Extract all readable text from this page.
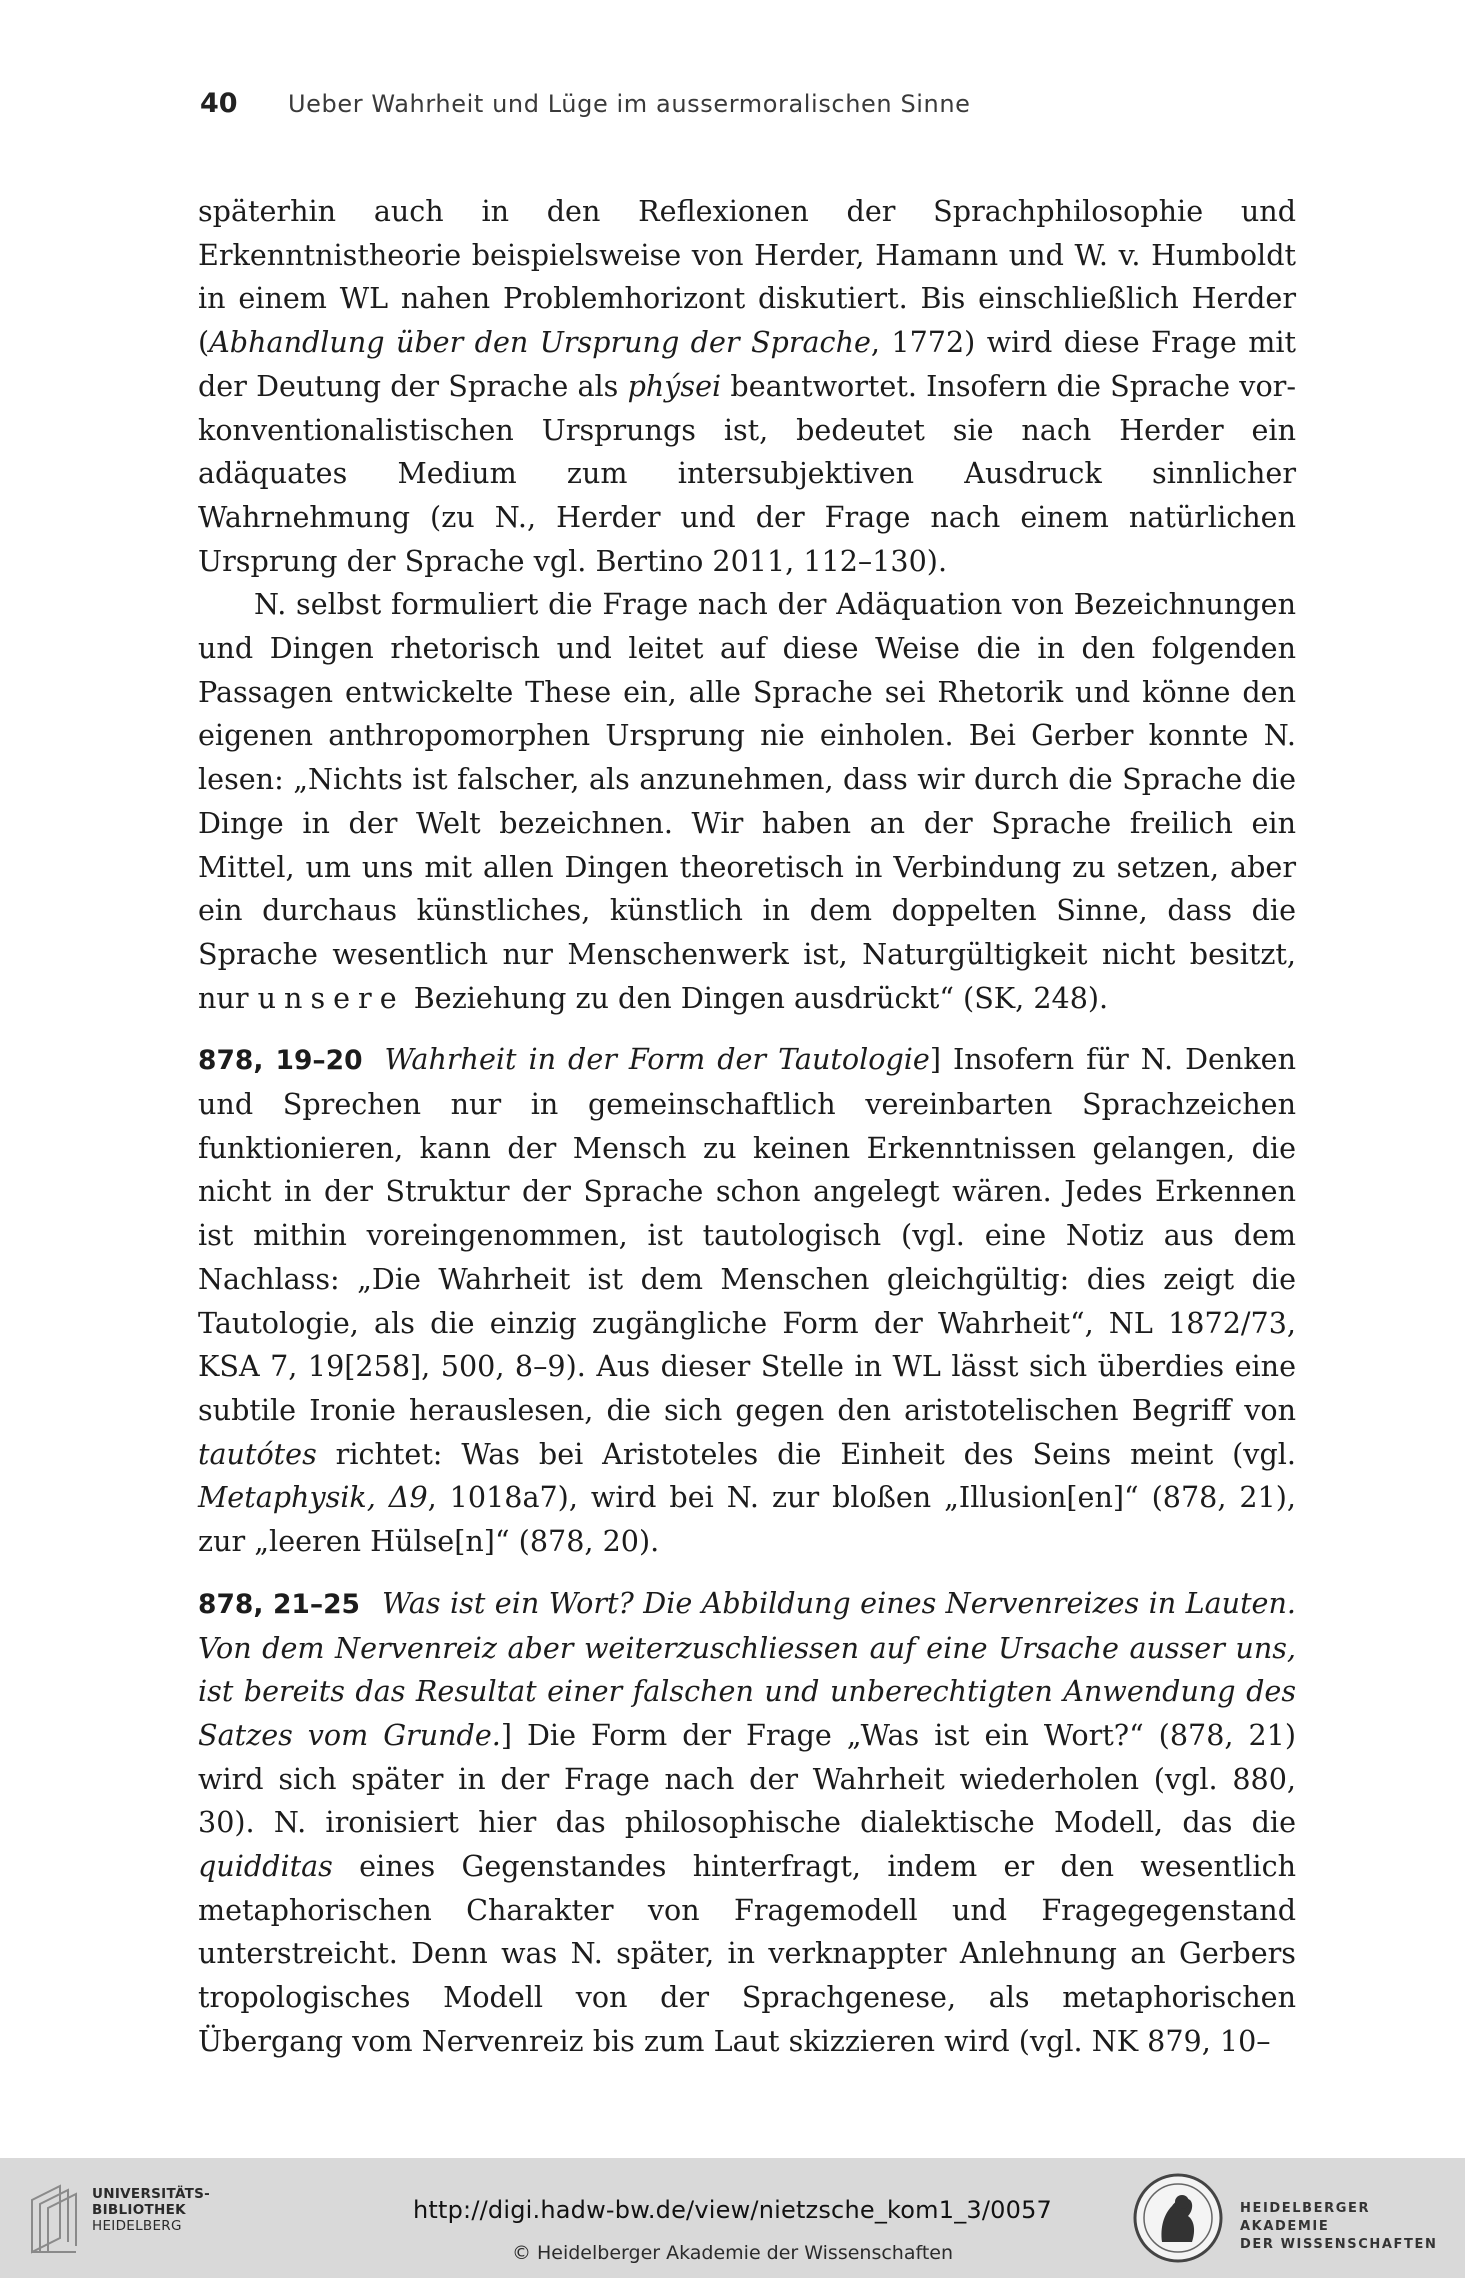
40	Ueber Wahrheit und Lüge im aussermoralischen Sinne

späterhin auch in den Reflexionen der Sprachphilosophie und Erkenntnistheorie beispielsweise von Herder, Hamann und W. v. Humboldt in einem WL nahen Problemhorizont diskutiert. Bis einschließlich Herder (Abhandlung über den Ursprung der Sprache, 1772) wird diese Frage mit der Deutung der Sprache als phýsei beantwortet. Insofern die Sprache vor-konventionalistischen Ursprungs ist, bedeutet sie nach Herder ein adäquates Medium zum intersubjektiven Ausdruck sinnlicher Wahrnehmung (zu N., Herder und der Frage nach einem natürlichen Ursprung der Sprache vgl. Bertino 2011, 112–130).

N. selbst formuliert die Frage nach der Adäquation von Bezeichnungen und Dingen rhetorisch und leitet auf diese Weise die in den folgenden Passagen entwickelte These ein, alle Sprache sei Rhetorik und könne den eigenen anthropomorphen Ursprung nie einholen. Bei Gerber konnte N. lesen: „Nichts ist falscher, als anzunehmen, dass wir durch die Sprache die Dinge in der Welt bezeichnen. Wir haben an der Sprache freilich ein Mittel, um uns mit allen Dingen theoretisch in Verbindung zu setzen, aber ein durchaus künstliches, künstlich in dem doppelten Sinne, dass die Sprache wesentlich nur Menschenwerk ist, Naturgültigkeit nicht besitzt, nur unsere Beziehung zu den Dingen ausdrückt“ (SK, 248).

878, 19–20 Wahrheit in der Form der Tautologie] Insofern für N. Denken und Sprechen nur in gemeinschaftlich vereinbarten Sprachzeichen funktionieren, kann der Mensch zu keinen Erkenntnissen gelangen, die nicht in der Struktur der Sprache schon angelegt wären. Jedes Erkennen ist mithin voreingenommen, ist tautologisch (vgl. eine Notiz aus dem Nachlass: „Die Wahrheit ist dem Menschen gleichgültig: dies zeigt die Tautologie, als die einzig zugängliche Form der Wahrheit“, NL 1872/73, KSA 7, 19[258], 500, 8–9). Aus dieser Stelle in WL lässt sich überdies eine subtile Ironie herauslesen, die sich gegen den aristotelischen Begriff von tautótes richtet: Was bei Aristoteles die Einheit des Seins meint (vgl. Metaphysik, Δ9, 1018a7), wird bei N. zur bloßen „Illusion[en]“ (878, 21), zur „leeren Hülse[n]“ (878, 20).

878, 21–25 Was ist ein Wort? Die Abbildung eines Nervenreizes in Lauten. Von dem Nervenreiz aber weiterzuschliessen auf eine Ursache ausser uns, ist bereits das Resultat einer falschen und unberechtigten Anwendung des Satzes vom Grunde.] Die Form der Frage „Was ist ein Wort?“ (878, 21) wird sich später in der Frage nach der Wahrheit wiederholen (vgl. 880, 30). N. ironisiert hier das philosophische dialektische Modell, das die quidditas eines Gegenstandes hinterfragt, indem er den wesentlich metaphorischen Charakter von Fragemodell und Fragegegenstand unterstreicht. Denn was N. später, in verknappter Anlehnung an Gerbers tropologisches Modell von der Sprachgenese, als metaphorischen Übergang vom Nervenreiz bis zum Laut skizzieren wird (vgl. NK 879, 10–

UNIVERSITÄTS-
BIBLIOTHEK
HEIDELBERG
http://digi.hadw-bw.de/view/nietzsche_kom1_3/0057
© Heidelberger Akademie der Wissenschaften
HEIDELBERGER AKADEMIE
DER WISSENSCHAFTEN
